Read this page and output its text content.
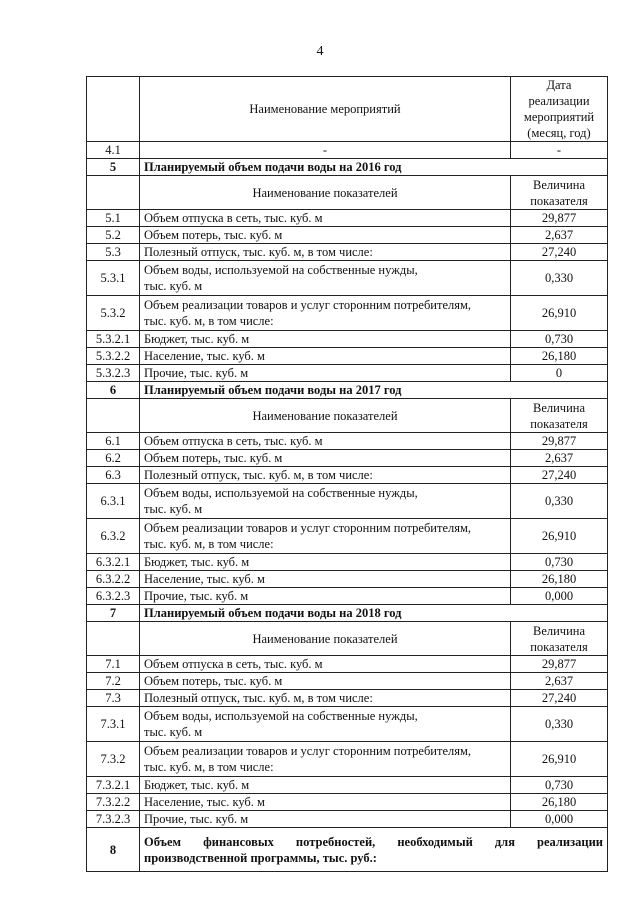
4
	Наименование мероприятий	Дата реализации
мероприятий
(месяц, год)

4.1	-	-
5	Планируемый объем подачи воды на 2016 год	
	Наименование показателей	Величина
показателя

5.1	Объем отпуска в сеть, тыс. куб. м	29,877
5.2	Объем потерь, тыс. куб. м	2,637
5.3	Полезный отпуск, тыс. куб. м, в том числе:	27,240
5.3.1	Объем воды, используемой на собственные нужды,
тыс. куб. м	0,330
5.3.2	Объем реализации товаров и услуг сторонним потребителям,
тыс. куб. м, в том числе:	26,910
5.3.2.1	Бюджет, тыс. куб. м	0,730
5.3.2.2	Население, тыс. куб. м	26,180
5.3.2.3	Прочие, тыс. куб. м	0
6	Планируемый объем подачи воды на 2017 год	
	Наименование показателей	Величина
показателя

6.1	Объем отпуска в сеть, тыс. куб. м	29,877
6.2	Объем потерь, тыс. куб. м	2,637
6.3	Полезный отпуск, тыс. куб. м, в том числе:	27,240
6.3.1	Объем воды, используемой на собственные нужды,
тыс. куб. м	0,330
6.3.2	Объем реализации товаров и услуг сторонним потребителям,
тыс. куб. м, в том числе:	26,910
6.3.2.1	Бюджет, тыс. куб. м	0,730
6.3.2.2	Население, тыс. куб. м	26,180
6.3.2.3	Прочие, тыс. куб. м	0,000
7	Планируемый объем подачи воды на 2018 год	
	Наименование показателей	Величина
показателя

7.1	Объем отпуска в сеть, тыс. куб. м	29,877
7.2	Объем потерь, тыс. куб. м	2,637
7.3	Полезный отпуск, тыс. куб. м, в том числе:	27,240
7.3.1	Объем воды, используемой на собственные нужды,
тыс. куб. м	0,330
7.3.2	Объем реализации товаров и услуг сторонним потребителям,
тыс. куб. м, в том числе:	26,910
7.3.2.1	Бюджет, тыс. куб. м	0,730
7.3.2.2	Население, тыс. куб. м	26,180
7.3.2.3	Прочие, тыс. куб. м	0,000
8	Объем финансовых потребностей, необходимый для реализации
производственной программы, тыс. руб.:	
